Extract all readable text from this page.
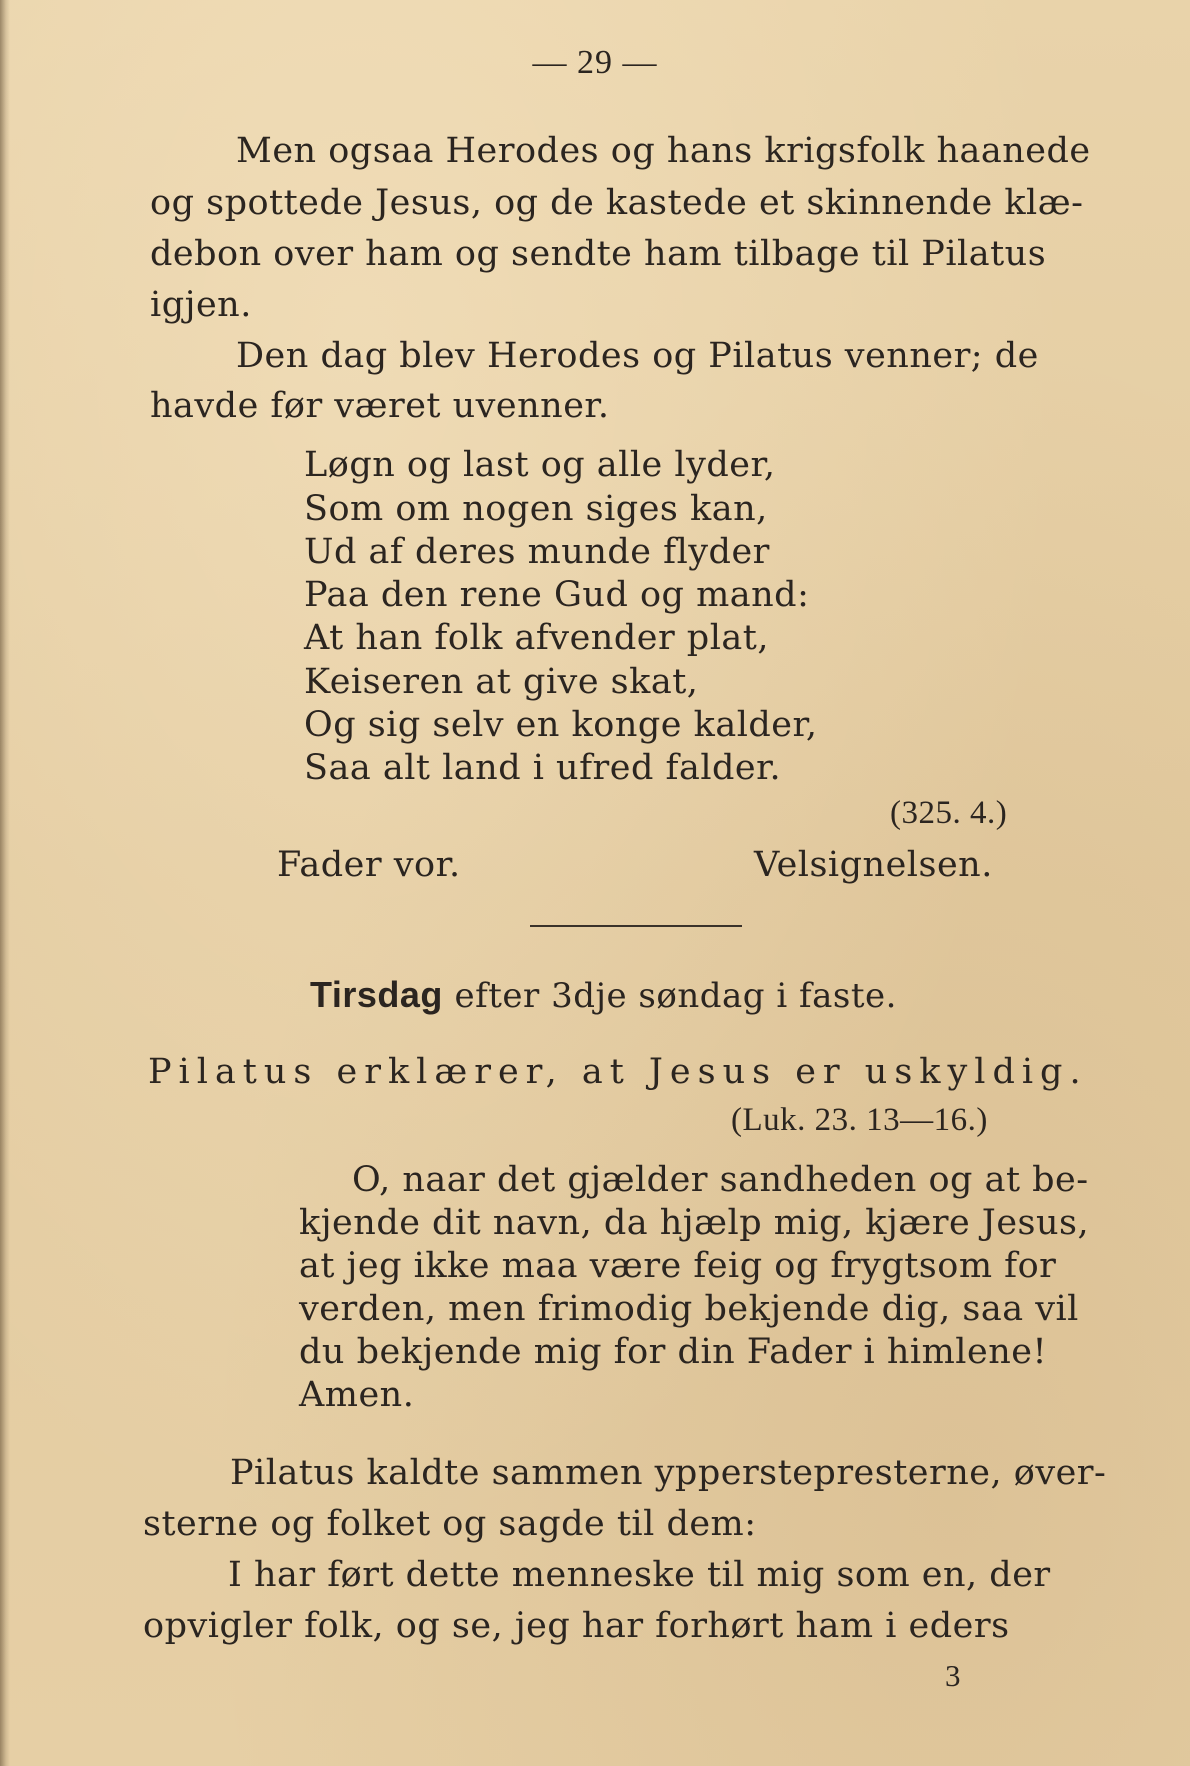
— 29 —
Men ogsaa Herodes og hans krigsfolk haanede
og spottede Jesus, og de kastede et skinnende klæ-
debon over ham og sendte ham tilbage til Pilatus
igjen.
Den dag blev Herodes og Pilatus venner; de
havde før været uvenner.
Løgn og last og alle lyder,
Som om nogen siges kan,
Ud af deres munde flyder
Paa den rene Gud og mand:
At han folk afvender plat,
Keiseren at give skat,
Og sig selv en konge kalder,
Saa alt land i ufred falder.
(325. 4.)
Fader vor.	Velsignelsen.
Tirsdag efter 3dje søndag i faste.
Pilatus erklærer, at Jesus er uskyldig.
(Luk. 23. 13—16.)
O, naar det gjælder sandheden og at be-
kjende dit navn, da hjælp mig, kjære Jesus,
at jeg ikke maa være feig og frygtsom for
verden, men frimodig bekjende dig, saa vil
du bekjende mig for din Fader i himlene!
Amen.
Pilatus kaldte sammen ypperstepresterne, øver-
sterne og folket og sagde til dem:
I har ført dette menneske til mig som en, der
opvigler folk, og se, jeg har forhørt ham i eders
3
